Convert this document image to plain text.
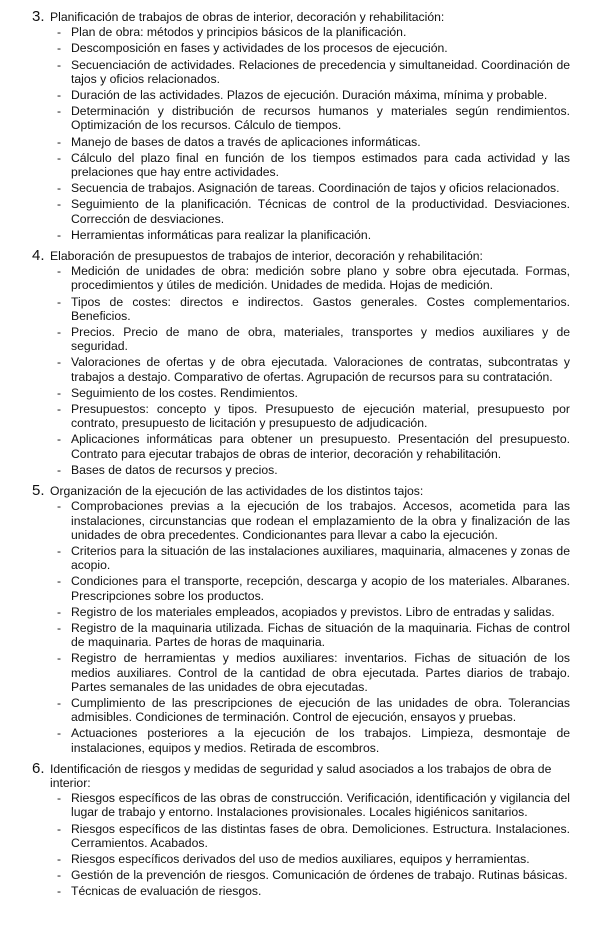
3. Planificación de trabajos de obras de interior, decoración y rehabilitación:
- Plan de obra: métodos y principios básicos de la planificación.
- Descomposición en fases y actividades de los procesos de ejecución.
- Secuenciación de actividades. Relaciones de precedencia y simultaneidad. Coordinación de tajos y oficios relacionados.
- Duración de las actividades. Plazos de ejecución. Duración máxima, mínima y probable.
- Determinación y distribución de recursos humanos y materiales según rendimientos. Optimización de los recursos. Cálculo de tiempos.
- Manejo de bases de datos a través de aplicaciones informáticas.
- Cálculo del plazo final en función de los tiempos estimados para cada actividad y las prelaciones que hay entre actividades.
- Secuencia de trabajos. Asignación de tareas. Coordinación de tajos y oficios relacionados.
- Seguimiento de la planificación. Técnicas de control de la productividad. Desviaciones. Corrección de desviaciones.
- Herramientas informáticas para realizar la planificación.
4. Elaboración de presupuestos de trabajos de interior, decoración y rehabilitación:
- Medición de unidades de obra: medición sobre plano y sobre obra ejecutada. Formas, procedimientos y útiles de medición. Unidades de medida. Hojas de medición.
- Tipos de costes: directos e indirectos. Gastos generales. Costes complementarios. Beneficios.
- Precios. Precio de mano de obra, materiales, transportes y medios auxiliares y de seguridad.
- Valoraciones de ofertas y de obra ejecutada. Valoraciones de contratas, subcontratas y trabajos a destajo. Comparativo de ofertas. Agrupación de recursos para su contratación.
- Seguimiento de los costes. Rendimientos.
- Presupuestos: concepto y tipos. Presupuesto de ejecución material, presupuesto por contrato, presupuesto de licitación y presupuesto de adjudicación.
- Aplicaciones informáticas para obtener un presupuesto. Presentación del presupuesto. Contrato para ejecutar trabajos de obras de interior, decoración y rehabilitación.
- Bases de datos de recursos y precios.
5. Organización de la ejecución de las actividades de los distintos tajos:
- Comprobaciones previas a la ejecución de los trabajos. Accesos, acometida para las instalaciones, circunstancias que rodean el emplazamiento de la obra y finalización de las unidades de obra precedentes. Condicionantes para llevar a cabo la ejecución.
- Criterios para la situación de las instalaciones auxiliares, maquinaria, almacenes y zonas de acopio.
- Condiciones para el transporte, recepción, descarga y acopio de los materiales. Albaranes. Prescripciones sobre los productos.
- Registro de los materiales empleados, acopiados y previstos. Libro de entradas y salidas.
- Registro de la maquinaria utilizada. Fichas de situación de la maquinaria. Fichas de control de maquinaria. Partes de horas de maquinaria.
- Registro de herramientas y medios auxiliares: inventarios. Fichas de situación de los medios auxiliares. Control de la cantidad de obra ejecutada. Partes diarios de trabajo. Partes semanales de las unidades de obra ejecutadas.
- Cumplimiento de las prescripciones de ejecución de las unidades de obra. Tolerancias admisibles. Condiciones de terminación. Control de ejecución, ensayos y pruebas.
- Actuaciones posteriores a la ejecución de los trabajos. Limpieza, desmontaje de instalaciones, equipos y medios. Retirada de escombros.
6. Identificación de riesgos y medidas de seguridad y salud asociados a los trabajos de obra de interior:
- Riesgos específicos de las obras de construcción. Verificación, identificación y vigilancia del lugar de trabajo y entorno. Instalaciones provisionales. Locales higiénicos sanitarios.
- Riesgos específicos de las distintas fases de obra. Demoliciones. Estructura. Instalaciones. Cerramientos. Acabados.
- Riesgos específicos derivados del uso de medios auxiliares, equipos y herramientas.
- Gestión de la prevención de riesgos. Comunicación de órdenes de trabajo. Rutinas básicas.
- Técnicas de evaluación de riesgos.
